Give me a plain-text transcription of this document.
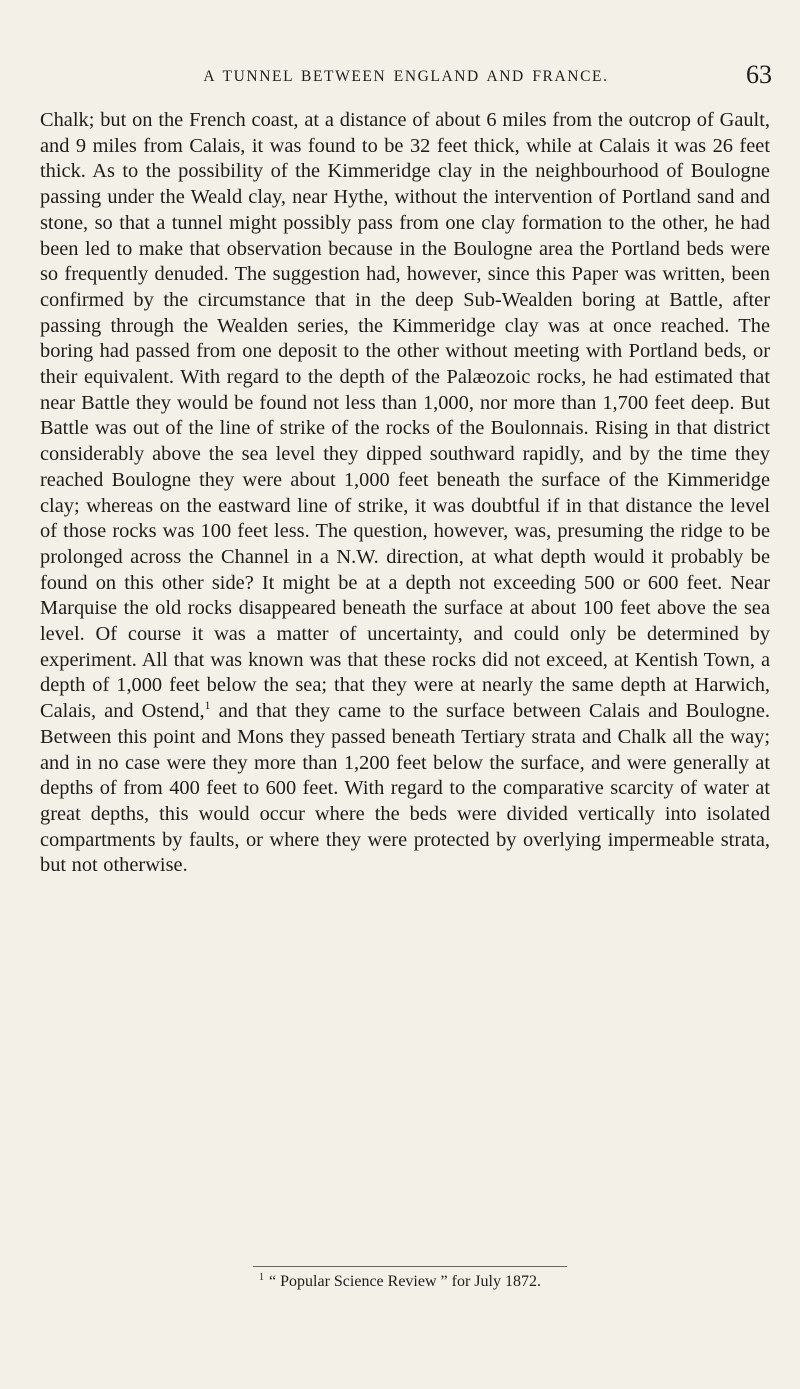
A TUNNEL BETWEEN ENGLAND AND FRANCE.	63

Chalk; but on the French coast, at a distance of about 6 miles from the outcrop of Gault, and 9 miles from Calais, it was found to be 32 feet thick, while at Calais it was 26 feet thick. As to the possibility of the Kimmeridge clay in the neighbourhood of Boulogne passing under the Weald clay, near Hythe, without the intervention of Portland sand and stone, so that a tunnel might possibly pass from one clay formation to the other, he had been led to make that observation because in the Boulogne area the Portland beds were so frequently denuded. The suggestion had, however, since this Paper was written, been confirmed by the circumstance that in the deep Sub-Wealden boring at Battle, after passing through the Wealden series, the Kimmeridge clay was at once reached. The boring had passed from one deposit to the other without meeting with Portland beds, or their equivalent. With regard to the depth of the Palæozoic rocks, he had estimated that near Battle they would be found not less than 1,000, nor more than 1,700 feet deep. But Battle was out of the line of strike of the rocks of the Boulonnais. Rising in that district considerably above the sea level they dipped southward rapidly, and by the time they reached Boulogne they were about 1,000 feet beneath the surface of the Kimmeridge clay; whereas on the eastward line of strike, it was doubtful if in that distance the level of those rocks was 100 feet less. The question, however, was, presuming the ridge to be prolonged across the Channel in a N.W. direction, at what depth would it probably be found on this other side? It might be at a depth not exceeding 500 or 600 feet. Near Marquise the old rocks disappeared beneath the surface at about 100 feet above the sea level. Of course it was a matter of uncertainty, and could only be determined by experiment. All that was known was that these rocks did not exceed, at Kentish Town, a depth of 1,000 feet below the sea; that they were at nearly the same depth at Harwich, Calais, and Ostend,$^1$ and that they came to the surface between Calais and Boulogne. Between this point and Mons they passed beneath Tertiary strata and Chalk all the way; and in no case were they more than 1,200 feet below the surface, and were generally at depths of from 400 feet to 600 feet. With regard to the comparative scarcity of water at great depths, this would occur where the beds were divided vertically into isolated compartments by faults, or where they were protected by overlying impermeable strata, but not otherwise.

$^1$ “ Popular Science Review ” for July 1872.
